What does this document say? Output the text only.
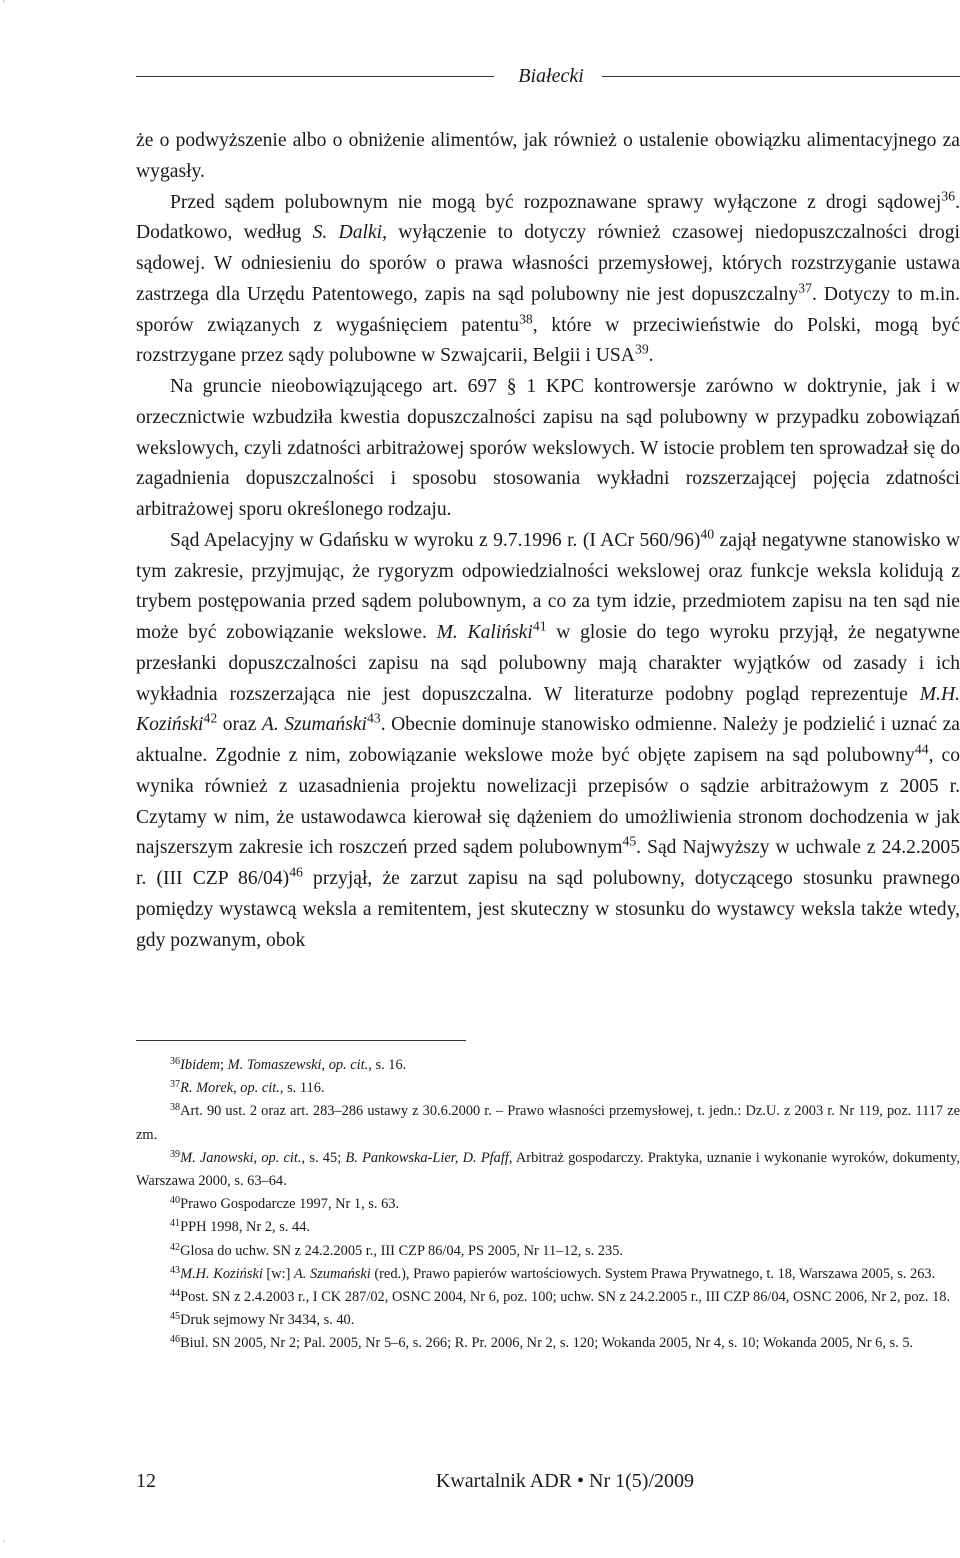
ˋ
ˋ
Białecki

że o podwyższenie albo o obniżenie alimentów, jak również o ustalenie obowiązku alimentacyjnego za wygasły.

Przed sądem polubownym nie mogą być rozpoznawane sprawy wyłączone z drogi sądowej$^{36}$. Dodatkowo, według S. Dalki, wyłączenie to dotyczy również czasowej niedopuszczalności drogi sądowej. W odniesieniu do sporów o prawa własności przemysłowej, których rozstrzyganie ustawa zastrzega dla Urzędu Patentowego, zapis na sąd polubowny nie jest dopuszczalny$^{37}$. Dotyczy to m.in. sporów związanych z wygaśnięciem patentu$^{38}$, które w przeciwieństwie do Polski, mogą być rozstrzygane przez sądy polubowne w Szwajcarii, Belgii i USA$^{39}$.

Na gruncie nieobowiązującego art. 697 § 1 KPC kontrowersje zarówno w doktrynie, jak i w orzecznictwie wzbudziła kwestia dopuszczalności zapisu na sąd polubowny w przypadku zobowiązań wekslowych, czyli zdatności arbitrażowej sporów wekslowych. W istocie problem ten sprowadzał się do zagadnienia dopuszczalności i sposobu stosowania wykładni rozszerzającej pojęcia zdatności arbitrażowej sporu określonego rodzaju.

Sąd Apelacyjny w Gdańsku w wyroku z 9.7.1996 r. (I ACr 560/96)$^{40}$ zajął negatywne stanowisko w tym zakresie, przyjmując, że rygoryzm odpowiedzialności wekslowej oraz funkcje weksla kolidują z trybem postępowania przed sądem polubownym, a co za tym idzie, przedmiotem zapisu na ten sąd nie może być zobowiązanie wekslowe. M. Kaliński$^{41}$ w glosie do tego wyroku przyjął, że negatywne przesłanki dopuszczalności zapisu na sąd polubowny mają charakter wyjątków od zasady i ich wykładnia rozszerzająca nie jest dopuszczalna. W literaturze podobny pogląd reprezentuje M.H. Koziński$^{42}$ oraz A. Szumański$^{43}$. Obecnie dominuje stanowisko odmienne. Należy je podzielić i uznać za aktualne. Zgodnie z nim, zobowiązanie wekslowe może być objęte zapisem na sąd polubowny$^{44}$, co wynika również z uzasadnienia projektu nowelizacji przepisów o sądzie arbitrażowym z 2005 r. Czytamy w nim, że ustawodawca kierował się dążeniem do umożliwienia stronom dochodzenia w jak najszerszym zakresie ich roszczeń przed sądem polubownym$^{45}$. Sąd Najwyższy w uchwale z 24.2.2005 r. (III CZP 86/04)$^{46}$ przyjął, że zarzut zapisu na sąd polubowny, dotyczącego stosunku prawnego pomiędzy wystawcą weksla a remitentem, jest skuteczny w stosunku do wystawcy weksla także wtedy, gdy pozwanym, obok

$^{36}$Ibidem; M. Tomaszewski, op. cit., s. 16.

$^{37}$R. Morek, op. cit., s. 116.

$^{38}$Art. 90 ust. 2 oraz art. 283–286 ustawy z 30.6.2000 r. – Prawo własności przemysłowej, t. jedn.: Dz.U. z 2003 r. Nr 119, poz. 1117 ze zm.

$^{39}$M. Janowski, op. cit., s. 45; B. Pankowska-Lier, D. Pfaff, Arbitraż gospodarczy. Praktyka, uznanie i wykonanie wyroków, dokumenty, Warszawa 2000, s. 63–64.

$^{40}$Prawo Gospodarcze 1997, Nr 1, s. 63.

$^{41}$PPH 1998, Nr 2, s. 44.

$^{42}$Glosa do uchw. SN z 24.2.2005 r., III CZP 86/04, PS 2005, Nr 11–12, s. 235.

$^{43}$M.H. Koziński [w:] A. Szumański (red.), Prawo papierów wartościowych. System Prawa Prywatnego, t. 18, Warszawa 2005, s. 263.

$^{44}$Post. SN z 2.4.2003 r., I CK 287/02, OSNC 2004, Nr 6, poz. 100; uchw. SN z 24.2.2005 r., III CZP 86/04, OSNC 2006, Nr 2, poz. 18.

$^{45}$Druk sejmowy Nr 3434, s. 40.

$^{46}$Biul. SN 2005, Nr 2; Pal. 2005, Nr 5–6, s. 266; R. Pr. 2006, Nr 2, s. 120; Wokanda 2005, Nr 4, s. 10; Wokanda 2005, Nr 6, s. 5.

12	Kwartalnik ADR • Nr 1(5)/2009
